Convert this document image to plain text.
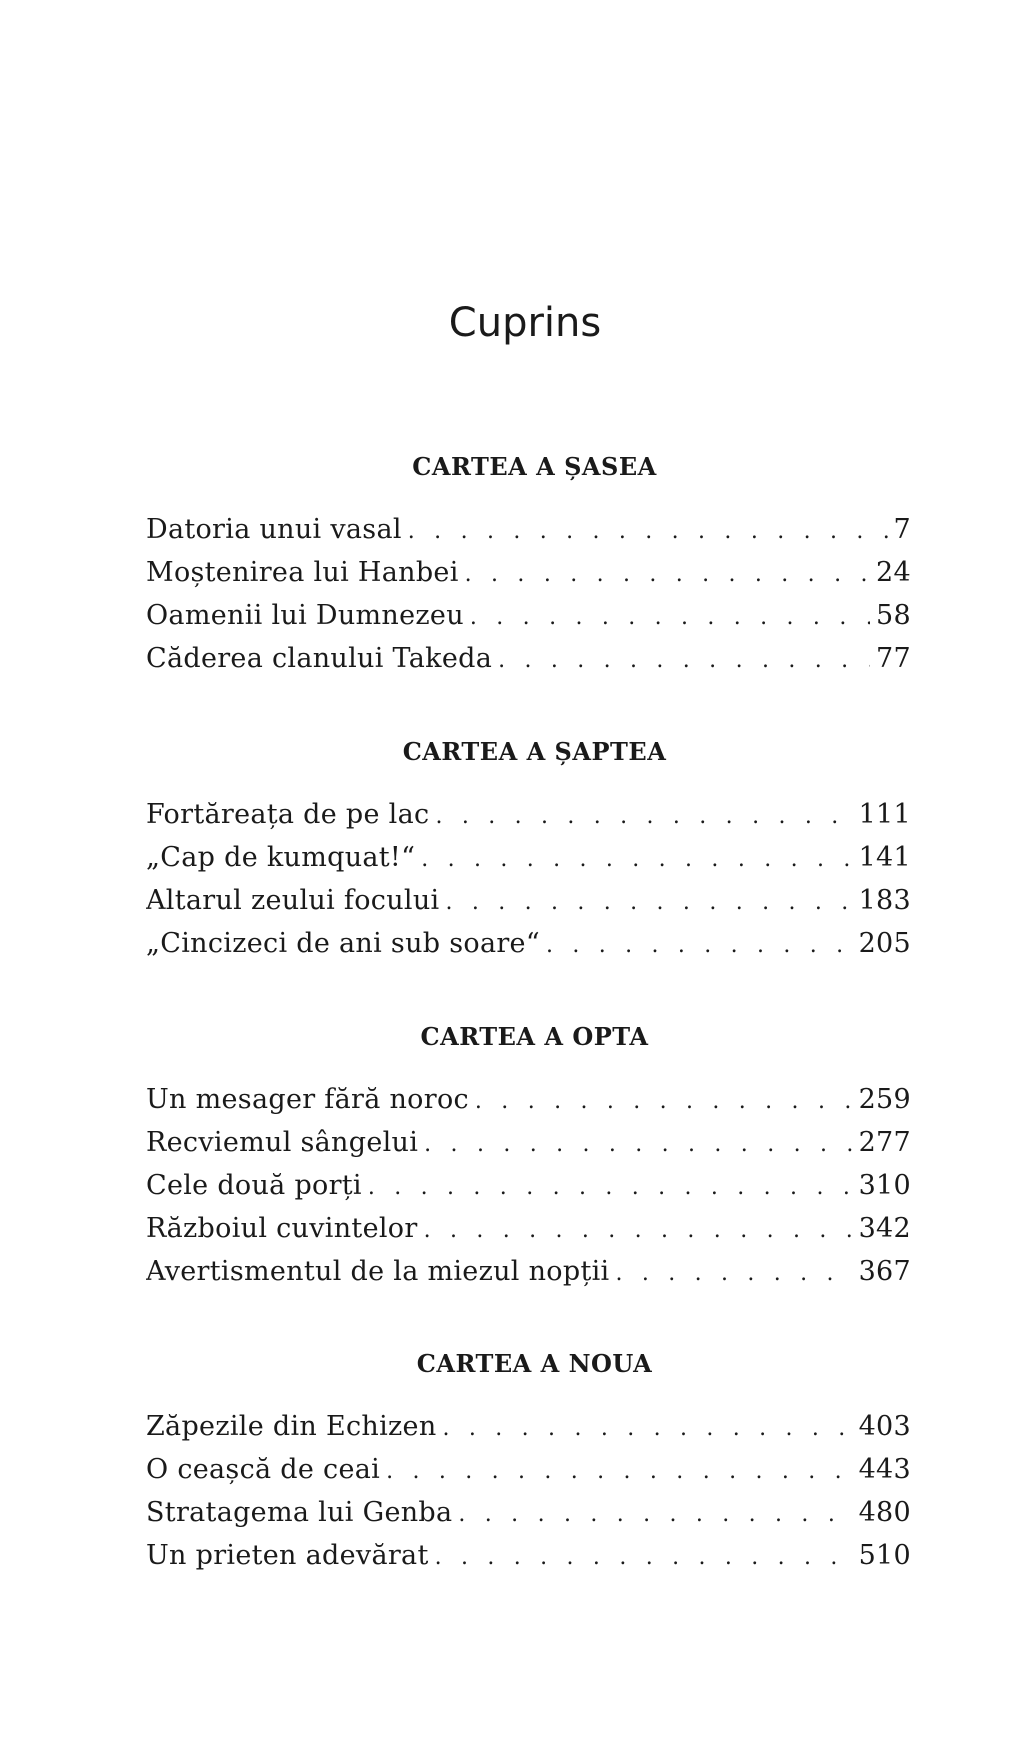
Cuprins
CARTEA A ȘASEA
Datoria unui vasal . . .	7
Moștenirea lui Hanbei . . .	24
Oamenii lui Dumnezeu . . .	58
Căderea clanului Takeda . . .	77
CARTEA A ȘAPTEA
Fortăreața de pe lac . . .	111
„Cap de kumquat!“ . . .	141
Altarul zeului focului . . .	183
„Cincizeci de ani sub soare“ . . .	205
CARTEA A OPTA
Un mesager fără noroc . . .	259
Recviemul sângelui . . .	277
Cele două porți . . .	310
Războiul cuvintelor . . .	342
Avertismentul de la miezul nopții . . .	367
CARTEA A NOUA
Zăpezile din Echizen . . .	403
O ceașcă de ceai . . .	443
Stratagema lui Genba . . .	480
Un prieten adevărat . . .	510
